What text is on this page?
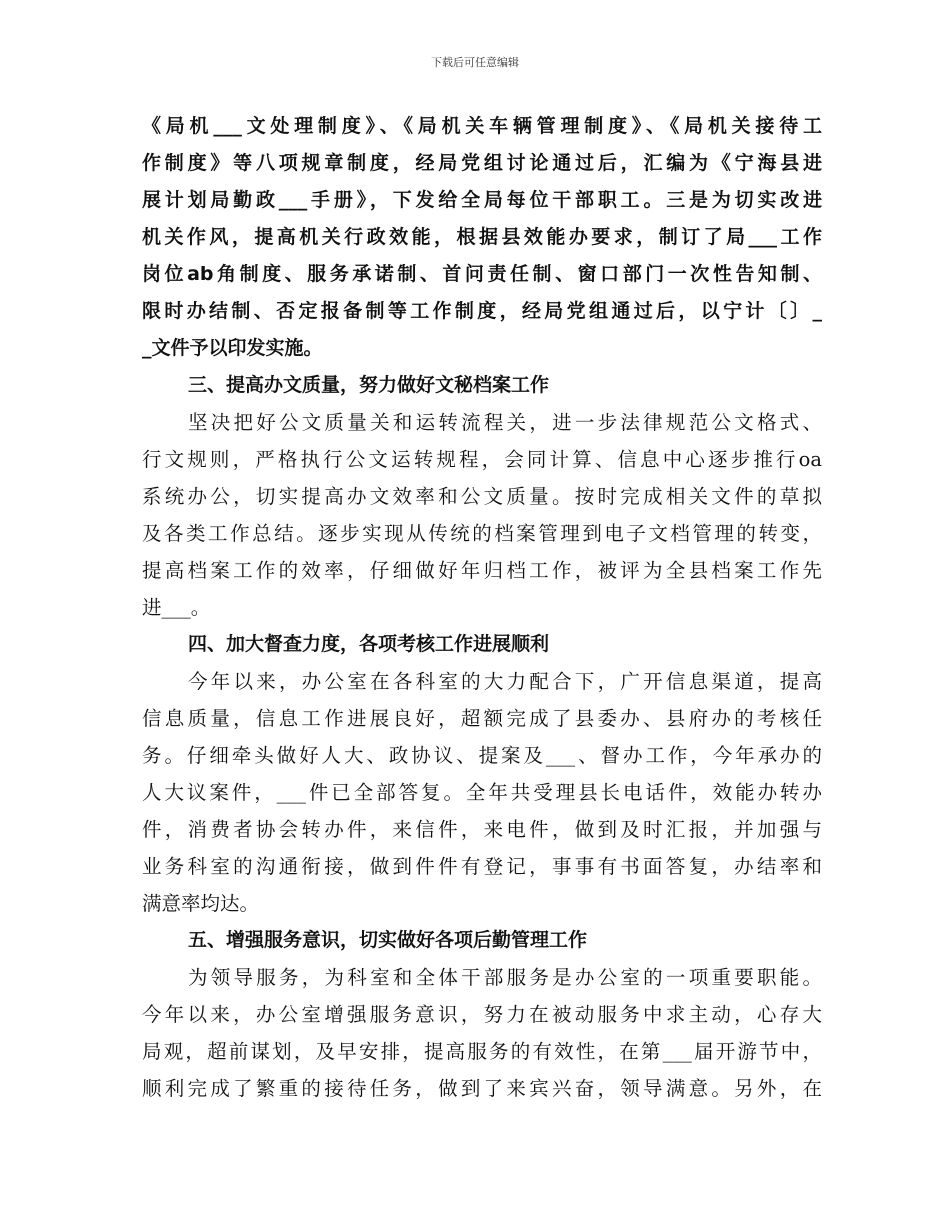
下载后可任意编辑
《局机___文处理制度》、《局机关车辆管理制度》、《局机关接待工
作制度》等八项规章制度，经局党组讨论通过后，汇编为《宁海县进
展计划局勤政___手册》，下发给全局每位干部职工。三是为切实改进
机关作风，提高机关行政效能，根据县效能办要求，制订了局___工作
岗位ab角制度、服务承诺制、首问责任制、窗口部门一次性告知制、
限时办结制、否定报备制等工作制度，经局党组通过后，以宁计〔〕_
_文件予以印发实施。
三、提高办文质量，努力做好文秘档案工作
坚决把好公文质量关和运转流程关，进一步法律规范公文格式、
行文规则，严格执行公文运转规程，会同计算、信息中心逐步推行oa
系统办公，切实提高办文效率和公文质量。按时完成相关文件的草拟
及各类工作总结。逐步实现从传统的档案管理到电子文档管理的转变，
提高档案工作的效率，仔细做好年归档工作，被评为全县档案工作先
进___。
四、加大督查力度，各项考核工作进展顺利
今年以来，办公室在各科室的大力配合下，广开信息渠道，提高
信息质量，信息工作进展良好，超额完成了县委办、县府办的考核任
务。仔细牵头做好人大、政协议、提案及___、督办工作，今年承办的
人大议案件，___件已全部答复。全年共受理县长电话件，效能办转办
件，消费者协会转办件，来信件，来电件，做到及时汇报，并加强与
业务科室的沟通衔接，做到件件有登记，事事有书面答复，办结率和
满意率均达。
五、增强服务意识，切实做好各项后勤管理工作
为领导服务，为科室和全体干部服务是办公室的一项重要职能。
今年以来，办公室增强服务意识，努力在被动服务中求主动，心存大
局观，超前谋划，及早安排，提高服务的有效性，在第___届开游节中，
顺利完成了繁重的接待任务，做到了来宾兴奋，领导满意。另外，在
